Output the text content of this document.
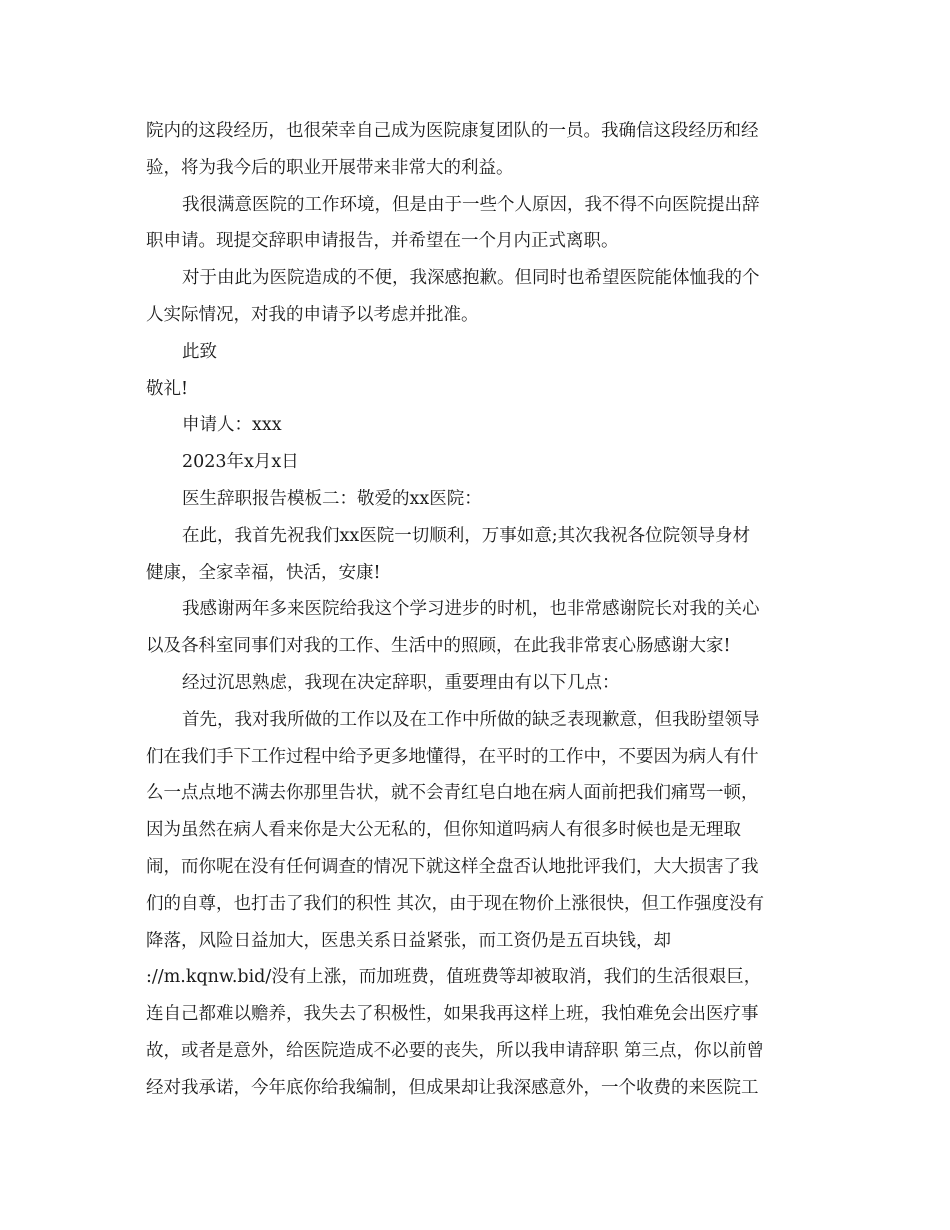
院内的这段经历，也很荣幸自己成为医院康复团队的一员。我确信这段经历和经
验，将为我今后的职业开展带来非常大的利益。
我很满意医院的工作环境，但是由于一些个人原因，我不得不向医院提出辞
职申请。现提交辞职申请报告，并希望在一个月内正式离职。
对于由此为医院造成的不便，我深感抱歉。但同时也希望医院能体恤我的个
人实际情况，对我的申请予以考虑并批准。
此致
敬礼!
申请人：xxx
2023年x月x日
医生辞职报告模板二：敬爱的xx医院：
在此，我首先祝我们xx医院一切顺利，万事如意;其次我祝各位院领导身材
健康，全家幸福，快活，安康!
我感谢两年多来医院给我这个学习进步的时机，也非常感谢院长对我的关心
以及各科室同事们对我的工作、生活中的照顾，在此我非常衷心肠感谢大家!
经过沉思熟虑，我现在决定辞职，重要理由有以下几点：
首先，我对我所做的工作以及在工作中所做的缺乏表现歉意，但我盼望领导
们在我们手下工作过程中给予更多地懂得，在平时的工作中，不要因为病人有什
么一点点地不满去你那里告状，就不会青红皂白地在病人面前把我们痛骂一顿，
因为虽然在病人看来你是大公无私的，但你知道吗病人有很多时候也是无理取
闹，而你呢在没有任何调查的情况下就这样全盘否认地批评我们，大大损害了我
们的自尊，也打击了我们的积性 其次，由于现在物价上涨很快，但工作强度没有
降落，风险日益加大，医患关系日益紧张，而工资仍是五百块钱，却
://m.kqnw.bid/没有上涨，而加班费，值班费等却被取消，我们的生活很艰巨，
连自己都难以赡养，我失去了积极性，如果我再这样上班，我怕难免会出医疗事
故，或者是意外，给医院造成不必要的丧失，所以我申请辞职 第三点，你以前曾
经对我承诺，今年底你给我编制，但成果却让我深感意外，一个收费的来医院工
